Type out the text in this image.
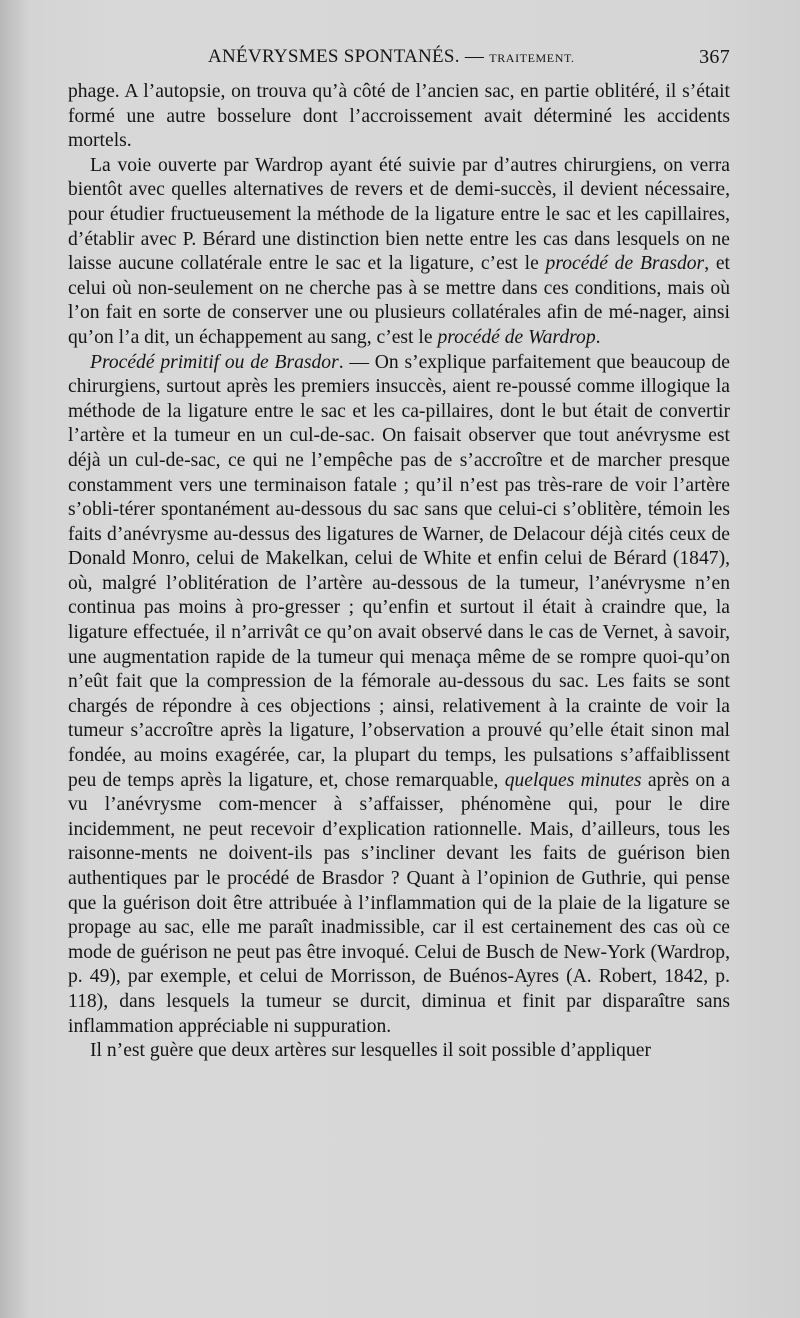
ANÉVRYSMES SPONTANÉS. — TRAITEMENT.	367

phage. A l’autopsie, on trouva qu’à côté de l’ancien sac, en partie oblitéré, il s’était formé une autre bosselure dont l’accroissement avait déterminé les accidents mortels.

La voie ouverte par Wardrop ayant été suivie par d’autres chirurgiens, on verra bientôt avec quelles alternatives de revers et de demi-succès, il devient nécessaire, pour étudier fructueusement la méthode de la ligature entre le sac et les capillaires, d’établir avec P. Bérard une distinction bien nette entre les cas dans lesquels on ne laisse aucune collatérale entre le sac et la ligature, c’est le procédé de Brasdor, et celui où non-seulement on ne cherche pas à se mettre dans ces conditions, mais où l’on fait en sorte de conserver une ou plusieurs collatérales afin de mé-nager, ainsi qu’on l’a dit, un échappement au sang, c’est le procédé de Wardrop.

Procédé primitif ou de Brasdor. — On s’explique parfaitement que beaucoup de chirurgiens, surtout après les premiers insuccès, aient re-poussé comme illogique la méthode de la ligature entre le sac et les ca-pillaires, dont le but était de convertir l’artère et la tumeur en un cul-de-sac. On faisait observer que tout anévrysme est déjà un cul-de-sac, ce qui ne l’empêche pas de s’accroître et de marcher presque constamment vers une terminaison fatale ; qu’il n’est pas très-rare de voir l’artère s’obli-térer spontanément au-dessous du sac sans que celui-ci s’oblitère, témoin les faits d’anévrysme au-dessus des ligatures de Warner, de Delacour déjà cités ceux de Donald Monro, celui de Makelkan, celui de White et enfin celui de Bérard (1847), où, malgré l’oblitération de l’artère au-dessous de la tumeur, l’anévrysme n’en continua pas moins à pro-gresser ; qu’enfin et surtout il était à craindre que, la ligature effectuée, il n’arrivât ce qu’on avait observé dans le cas de Vernet, à savoir, une augmentation rapide de la tumeur qui menaça même de se rompre quoi-qu’on n’eût fait que la compression de la fémorale au-dessous du sac. Les faits se sont chargés de répondre à ces objections ; ainsi, relativement à la crainte de voir la tumeur s’accroître après la ligature, l’observation a prouvé qu’elle était sinon mal fondée, au moins exagérée, car, la plupart du temps, les pulsations s’affaiblissent peu de temps après la ligature, et, chose remarquable, quelques minutes après on a vu l’anévrysme com-mencer à s’affaisser, phénomène qui, pour le dire incidemment, ne peut recevoir d’explication rationnelle. Mais, d’ailleurs, tous les raisonne-ments ne doivent-ils pas s’incliner devant les faits de guérison bien authentiques par le procédé de Brasdor ? Quant à l’opinion de Guthrie, qui pense que la guérison doit être attribuée à l’inflammation qui de la plaie de la ligature se propage au sac, elle me paraît inadmissible, car il est certainement des cas où ce mode de guérison ne peut pas être invoqué. Celui de Busch de New-York (Wardrop, p. 49), par exemple, et celui de Morrisson, de Buénos-Ayres (A. Robert, 1842, p. 118), dans lesquels la tumeur se durcit, diminua et finit par disparaître sans inflammation appréciable ni suppuration.

Il n’est guère que deux artères sur lesquelles il soit possible d’appliquer
